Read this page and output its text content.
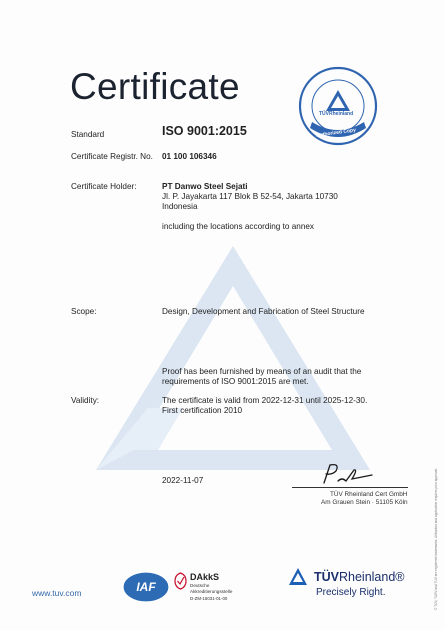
Certificate
TÜVRheinland
Authorized Copy
Standard	ISO 9001:2015
Certificate Registr. No. 01 100 106346
Certificate Holder:	PT Danwo Steel Sejati
Jl. P. Jayakarta 117 Blok B 52-54, Jakarta 10730
Indonesia
including the locations according to annex
Scope:	Design, Development and Fabrication of Steel Structure
Proof has been furnished by means of an audit that the
requirements of ISO 9001:2015 are met.
Validity:	The certificate is valid from 2022-12-31 until 2025-12-30.
First certification 2010
2022-11-07
TÜV Rheinland Cert GmbH
Am Grauen Stein · 51105 Köln	© TÜV, TUEV and TUV are registered trademarks. Utilisation and application requires prior approval.
www.tuv.com	IAF
DAkkS
Deutsche
Akkreditierungsstelle
D-ZM-16031-01-00
TÜVRheinland®
Precisely Right.
